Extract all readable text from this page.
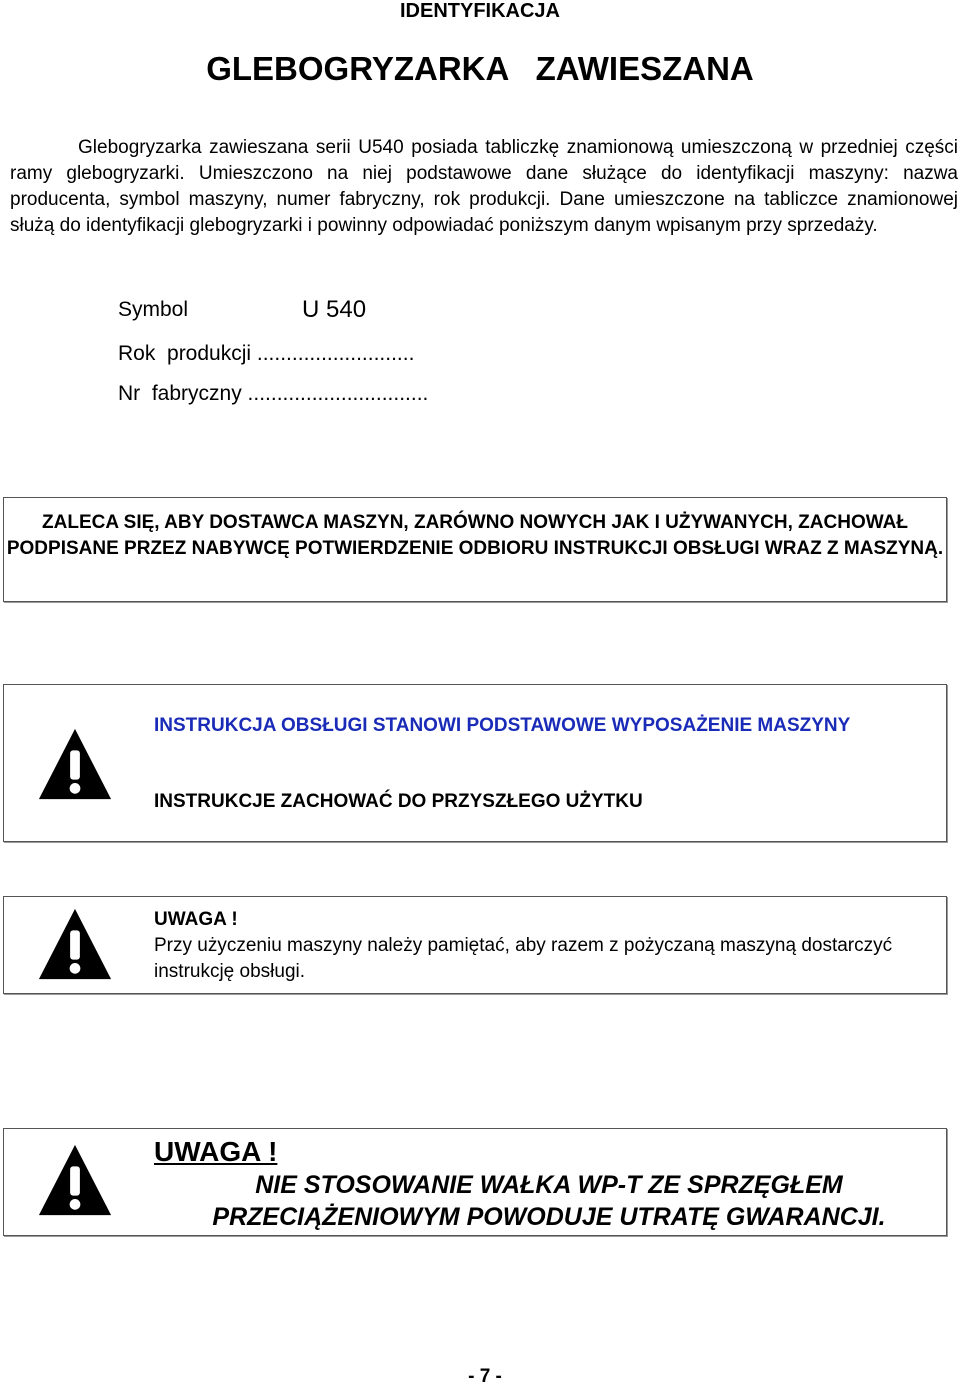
IDENTYFIKACJA
GLEBOGRYZARKA   ZAWIESZANA

Glebogryzarka zawieszana serii U540 posiada tabliczkę znamionową umieszczoną w przedniej części ramy glebogryzarki. Umieszczono na niej podstawowe dane służące do identyfikacji maszyny: nazwa producenta, symbol maszyny, numer fabryczny, rok produkcji. Dane umieszczone na tabliczce znamionowej służą do identyfikacji glebogryzarki i powinny odpowiadać poniższym danym wpisanym przy sprzedaży.

Symbol	U 540
Rok  produkcji ...........................
Nr  fabryczny ...............................
ZALECA SIĘ, ABY DOSTAWCA MASZYN, ZARÓWNO NOWYCH JAK I UŻYWANYCH, ZACHOWAŁ PODPISANE PRZEZ NABYWCĘ POTWIERDZENIE ODBIORU INSTRUKCJI OBSŁUGI WRAZ Z MASZYNĄ.
INSTRUKCJA OBSŁUGI STANOWI PODSTAWOWE WYPOSAŻENIE MASZYNY
INSTRUKCJE ZACHOWAĆ DO PRZYSZŁEGO UŻYTKU
UWAGA !
Przy użyczeniu maszyny należy pamiętać, aby razem z pożyczaną maszyną dostarczyć instrukcję obsługi.
UWAGA !
NIE STOSOWANIE WAŁKA WP-T ZE SPRZĘGŁEM PRZECIĄŻENIOWYM POWODUJE UTRATĘ GWARANCJI.
- 7 -
